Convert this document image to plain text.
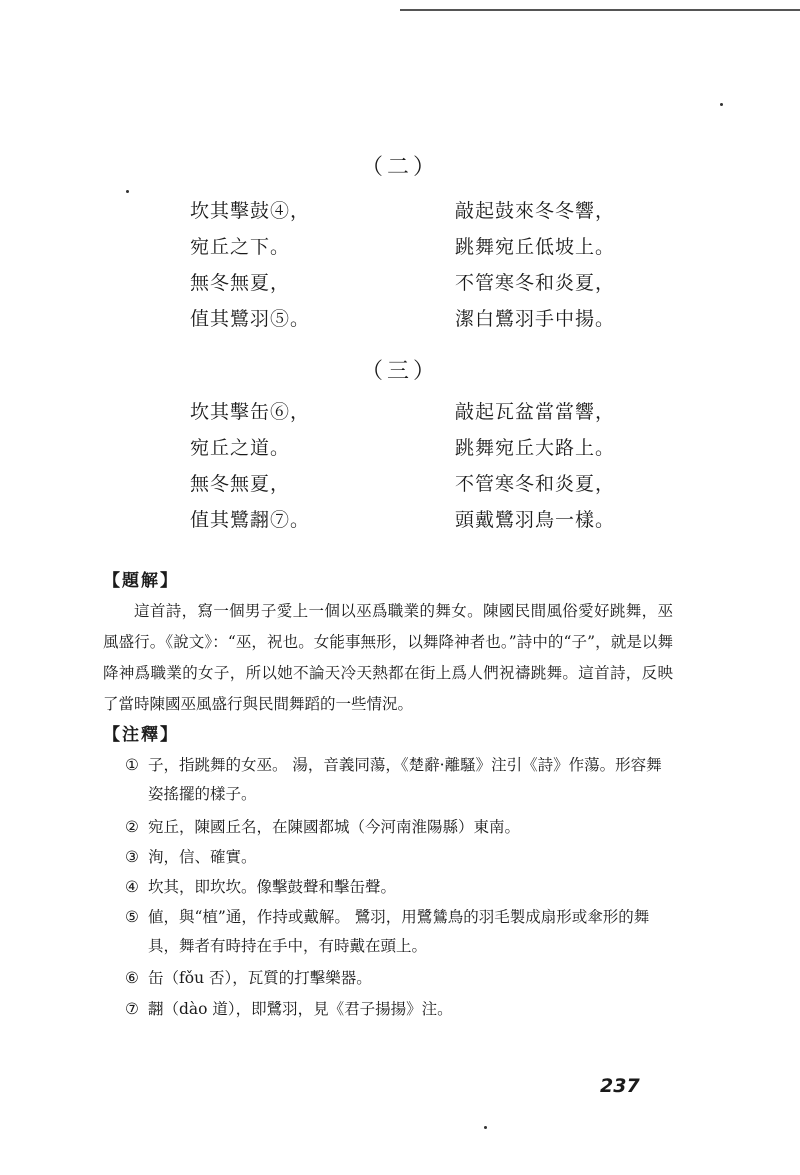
（二）
坎其擊鼓④，	敲起鼓來冬冬響，
宛丘之下。	跳舞宛丘低坡上。
無冬無夏，	不管寒冬和炎夏，
值其鷺羽⑤。	潔白鷺羽手中揚。
（三）
坎其擊缶⑥，	敲起瓦盆當當響，
宛丘之道。	跳舞宛丘大路上。
無冬無夏，	不管寒冬和炎夏，
值其鷺翿⑦。	頭戴鷺羽鳥一樣。
【題解】
這首詩，寫一個男子愛上一個以巫爲職業的舞女。陳國民間風俗愛好跳舞，巫風盛行。《說文》：“巫，祝也。女能事無形，以舞降神者也。”詩中的“子”，就是以舞降神爲職業的女子，所以她不論天冷天熱都在街上爲人們祝禱跳舞。這首詩，反映了當時陳國巫風盛行與民間舞蹈的一些情況。
【注釋】
① 子，指跳舞的女巫。 湯，音義同蕩，《楚辭·離騷》注引《詩》作蕩。形容舞姿搖擺的樣子。
② 宛丘，陳國丘名，在陳國都城（今河南淮陽縣）東南。
③ 洵，信、確實。
④ 坎其，即坎坎。像擊鼓聲和擊缶聲。
⑤ 値，與“植”通，作持或戴解。 鷺羽，用鷺鷥鳥的羽毛製成扇形或傘形的舞具，舞者有時持在手中，有時戴在頭上。
⑥ 缶（fǒu 否），瓦質的打擊樂器。
⑦ 翿（dào 道），即鷺羽，見《君子揚揚》注。
237
